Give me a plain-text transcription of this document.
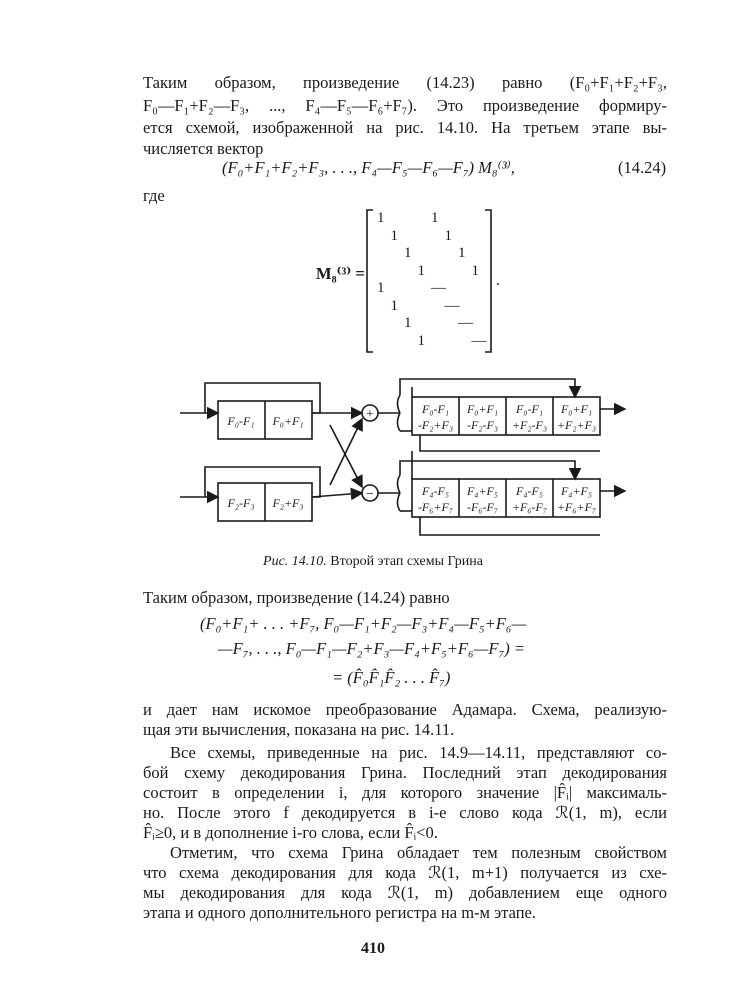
Таким образом, произведение (14.23) равно (F₀+F₁+F₂+F₃,
F₀—F₁+F₂—F₃, ..., F₄—F₅—F₆+F₇). Это произведение формиру-
ется схемой, изображенной на рис. 14.10. На третьем этапе вы-
числяется вектор
(F₀+F₁+F₂+F₃, . . ., F₄—F₅—F₆—F₇) M₈⁽³⁾,	(14.24)
где
M₈⁽³⁾ =
1	1
1	1
1	1
1	1
1	—
1	—
1	—
1	—
.
+
−
F₀-F₁ F₀+F₁
F₂-F₃ F₂+F₃
F₀-F₁
-F₂+F₃
F₀+F₁
-F₂-F₃
F₀-F₁
+F₂-F₃
F₀+F₁
+F₂+F₃
F₄-F₅
-F₆+F₇
F₄+F₅
-F₆-F₇
F₄-F₅
+F₆-F₇
F₄+F₅
+F₆+F₇
Рис. 14.10. Второй этап схемы Грина
Таким образом, произведение (14.24) равно
(F₀+F₁+ . . . +F₇, F₀—F₁+F₂—F₃+F₄—F₅+F₆—
—F₇, . . ., F₀—F₁—F₂+F₃—F₄+F₅+F₆—F₇) =
= (F̂₀F̂₁F̂₂ . . . F̂₇)
и дает нам искомое преобразование Адамара. Схема, реализую-
щая эти вычисления, показана на рис. 14.11.
Все схемы, приведенные на рис. 14.9—14.11, представляют со-
бой схему декодирования Грина. Последний этап декодирования
состоит в определении i, для которого значение |F̂ᵢ| максималь-
но. После этого f декодируется в i-е слово кода ℛ(1, m), если
F̂ᵢ≥0, и в дополнение i-го слова, если F̂ᵢ<0.
Отметим, что схема Грина обладает тем полезным свойством
что схема декодирования для кода ℛ(1, m+1) получается из схе-
мы декодирования для кода ℛ(1, m) добавлением еще одного
этапа и одного дополнительного регистра на m-м этапе.
410
